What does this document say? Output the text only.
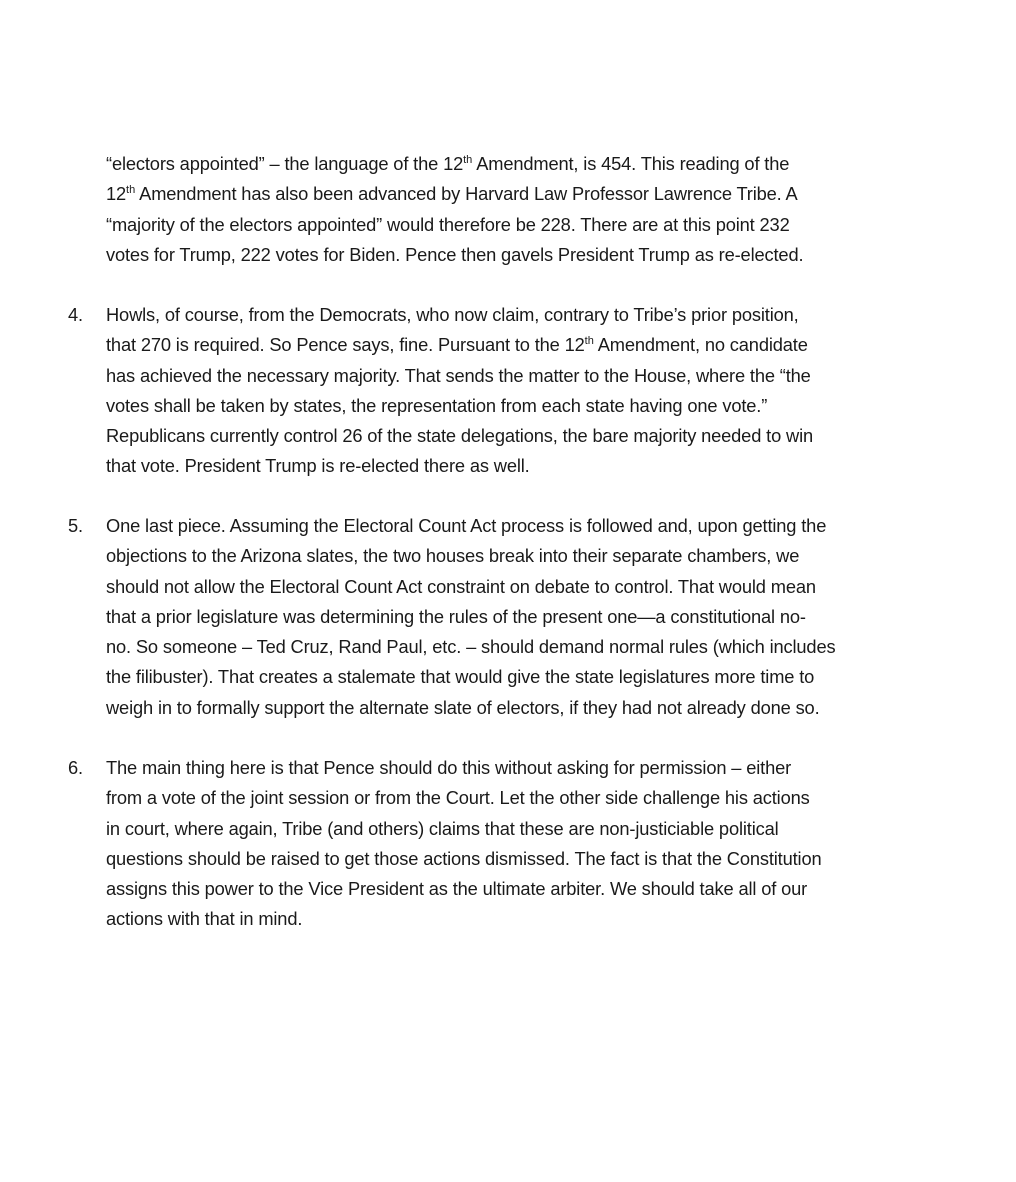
“electors appointed” – the language of the 12th Amendment, is 454. This reading of the
12th Amendment has also been advanced by Harvard Law Professor Lawrence Tribe. A
“majority of the electors appointed” would therefore be 228. There are at this point 232
votes for Trump, 222 votes for Biden. Pence then gavels President Trump as re-elected.
4. Howls, of course, from the Democrats, who now claim, contrary to Tribe’s prior position,
that 270 is required. So Pence says, fine. Pursuant to the 12th Amendment, no candidate
has achieved the necessary majority. That sends the matter to the House, where the “the
votes shall be taken by states, the representation from each state having one vote.”
Republicans currently control 26 of the state delegations, the bare majority needed to win
that vote. President Trump is re-elected there as well.
5. One last piece. Assuming the Electoral Count Act process is followed and, upon getting the
objections to the Arizona slates, the two houses break into their separate chambers, we
should not allow the Electoral Count Act constraint on debate to control. That would mean
that a prior legislature was determining the rules of the present one—a constitutional no-
no. So someone – Ted Cruz, Rand Paul, etc. – should demand normal rules (which includes
the filibuster). That creates a stalemate that would give the state legislatures more time to
weigh in to formally support the alternate slate of electors, if they had not already done so.
6. The main thing here is that Pence should do this without asking for permission – either
from a vote of the joint session or from the Court. Let the other side challenge his actions
in court, where again, Tribe (and others) claims that these are non-justiciable political
questions should be raised to get those actions dismissed. The fact is that the Constitution
assigns this power to the Vice President as the ultimate arbiter. We should take all of our
actions with that in mind.
